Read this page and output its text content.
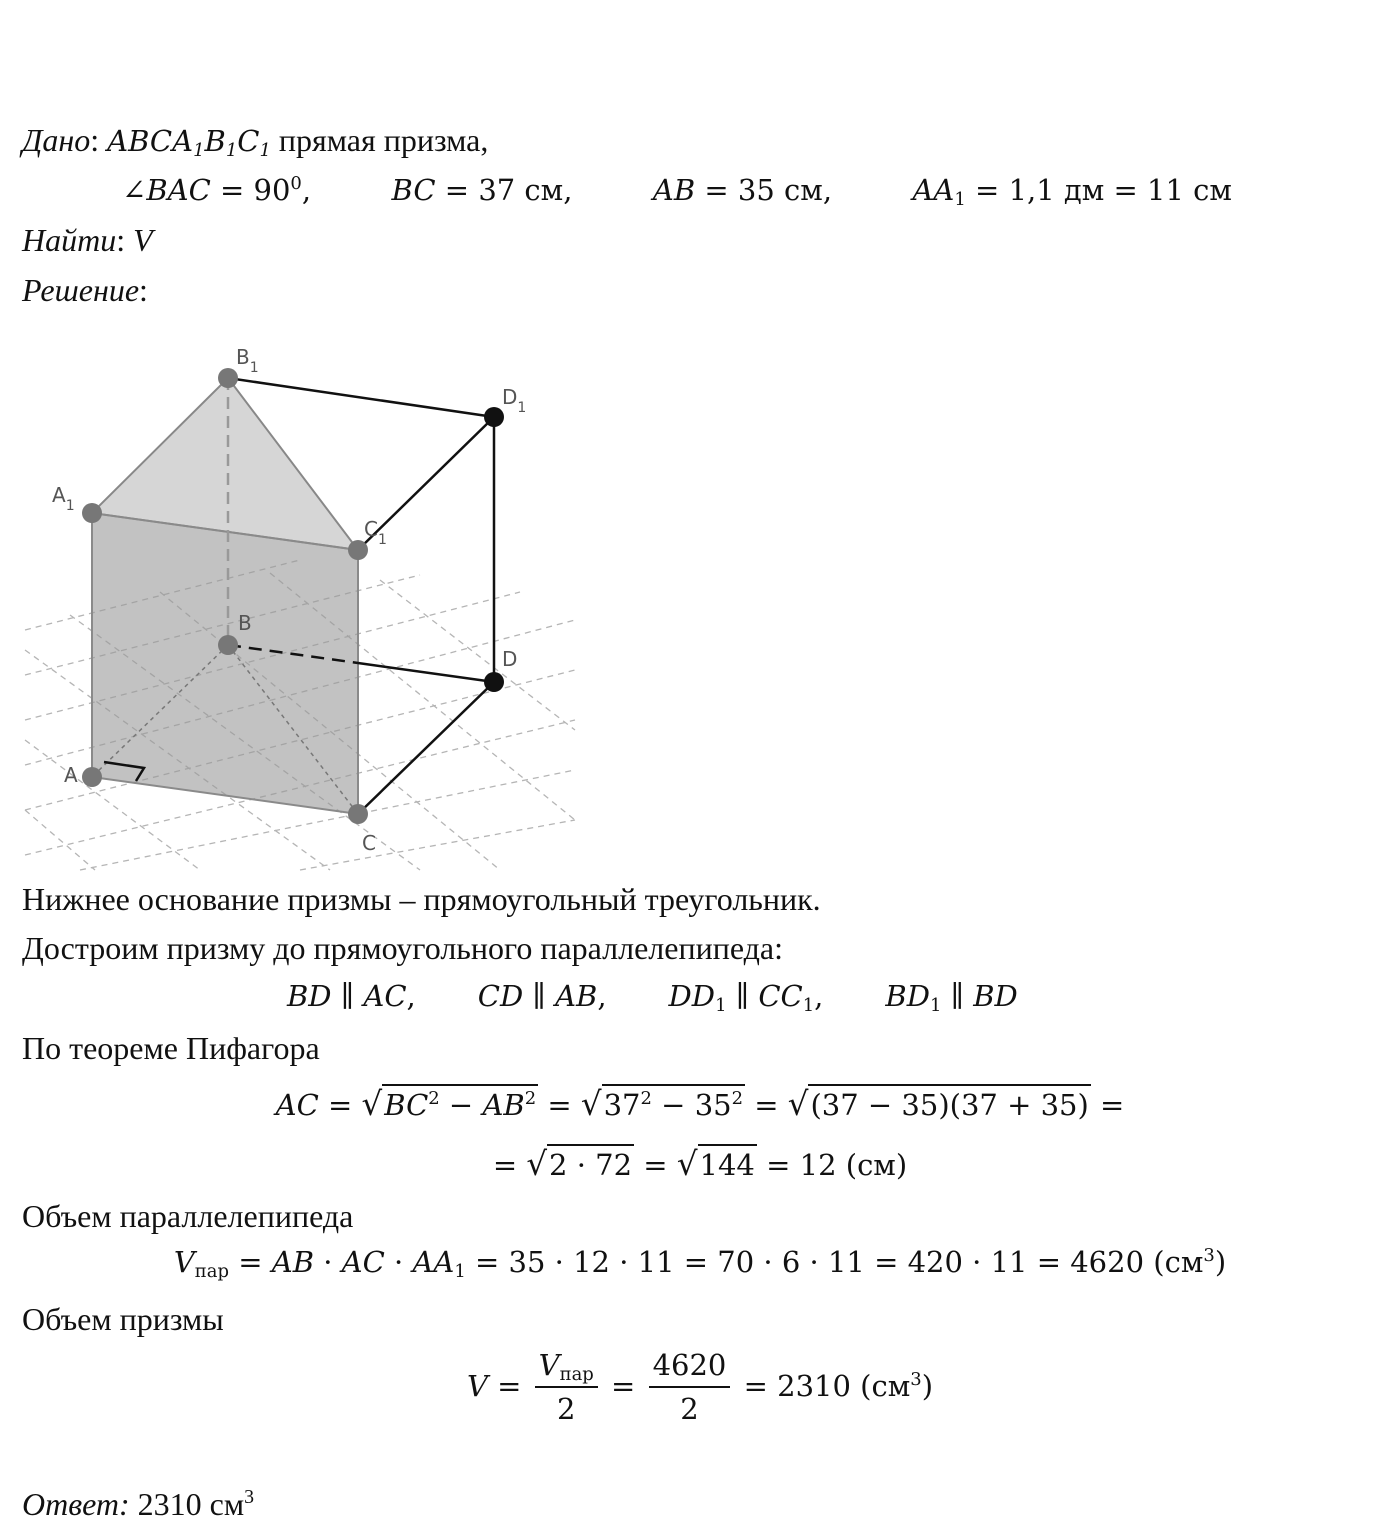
Дано: $ABCA_1B_1C_1$ прямая призма,
∠BAC = $90^0$,	BC = 37 см,	AB = 35 см,	$AA_1 = 1,1$ дм = 11 см
Найти: V
Решение:
$B_1$
$D_1$
$A_1$
$C_1$
B
D
A
C
Нижнее основание призмы – прямоугольный треугольник.
Достроим призму до прямоугольного параллелепипеда:
BD ∥ AC, CD ∥ AB, $DD_1$ ∥ $CC_1$, $BD_1$ ∥ BD
По теореме Пифагора
AC = $√BC^2 - AB^2 = √37^2 - 35^2 = √(37 - 35)(37 + 35)$ =
= √2 · 72 = √144 = 12 (см)
Объем параллелепипеда
$V_{пар}$ = AB · AC · $AA_1 = 35 \cdot 12 \cdot 11 = 70 \cdot 6 \cdot 11 = 420 \cdot 11 = 4620$ $(см^3)$
Объем призмы
$V = \frac{V_{пар}}{2} = \frac{4620}{2} = 2310$ $(см^3)$
Ответ: 2310 $см^3$
